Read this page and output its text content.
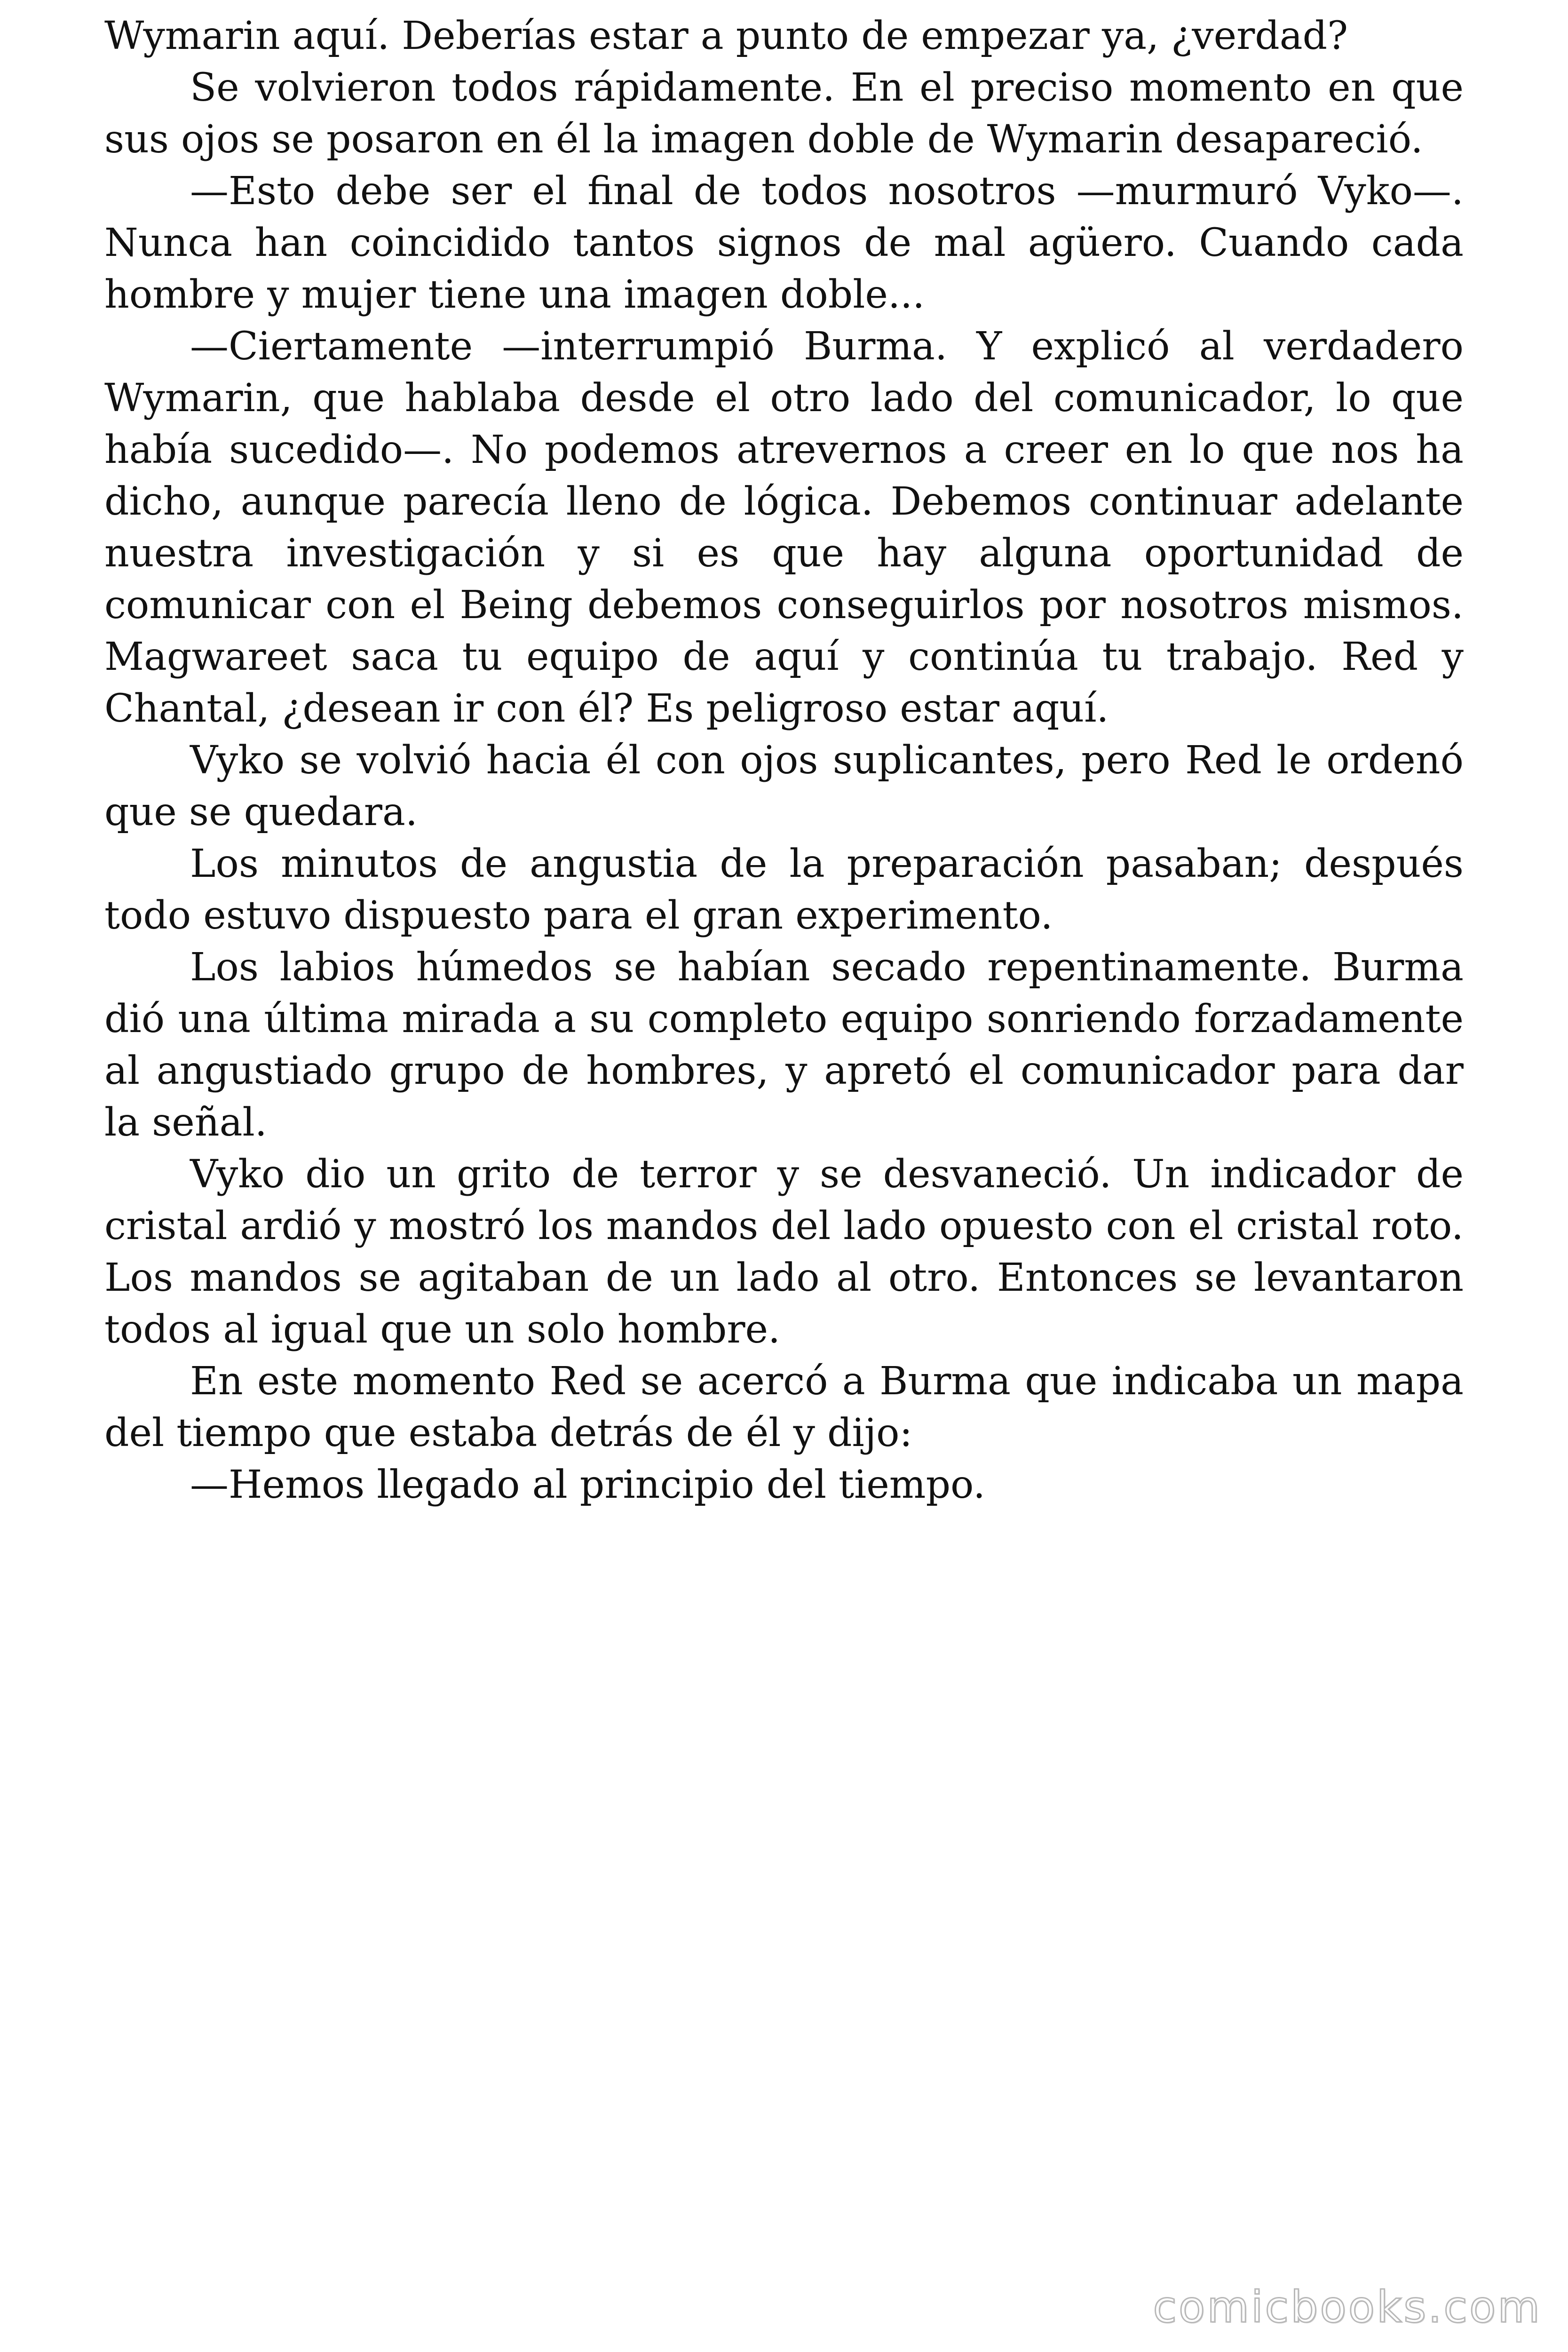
Wymarin aquí. Deberías estar a punto de empezar ya, ¿verdad?

Se volvieron todos rápidamente. En el preciso momento en que sus ojos se posaron en él la imagen doble de Wymarin desapareció.

—Esto debe ser el final de todos nosotros —murmuró Vyko—. Nunca han coincidido tantos signos de mal agüero. Cuando cada hombre y mujer tiene una imagen doble...

—Ciertamente —interrumpió Burma. Y explicó al verdadero Wymarin, que hablaba desde el otro lado del comunicador, lo que había sucedido—. No podemos atrevernos a creer en lo que nos ha dicho, aunque parecía lleno de lógica. Debemos continuar adelante nuestra investigación y si es que hay alguna oportunidad de comunicar con el Being debemos conseguirlos por nosotros mismos. Magwareet saca tu equipo de aquí y continúa tu trabajo. Red y Chantal, ¿desean ir con él? Es peligroso estar aquí.

Vyko se volvió hacia él con ojos suplicantes, pero Red le ordenó que se quedara.

Los minutos de angustia de la preparación pasaban; después todo estuvo dispuesto para el gran experimento.

Los labios húmedos se habían secado repentinamente. Burma dió una última mirada a su completo equipo sonriendo forzadamente al angustiado grupo de hombres, y apretó el comunicador para dar la señal.

Vyko dio un grito de terror y se desvaneció. Un indicador de cristal ardió y mostró los mandos del lado opuesto con el cristal roto. Los mandos se agitaban de un lado al otro. Entonces se levantaron todos al igual que un solo hombre.

En este momento Red se acercó a Burma que indicaba un mapa del tiempo que estaba detrás de él y dijo:

—Hemos llegado al principio del tiempo.

comicbooks.com
